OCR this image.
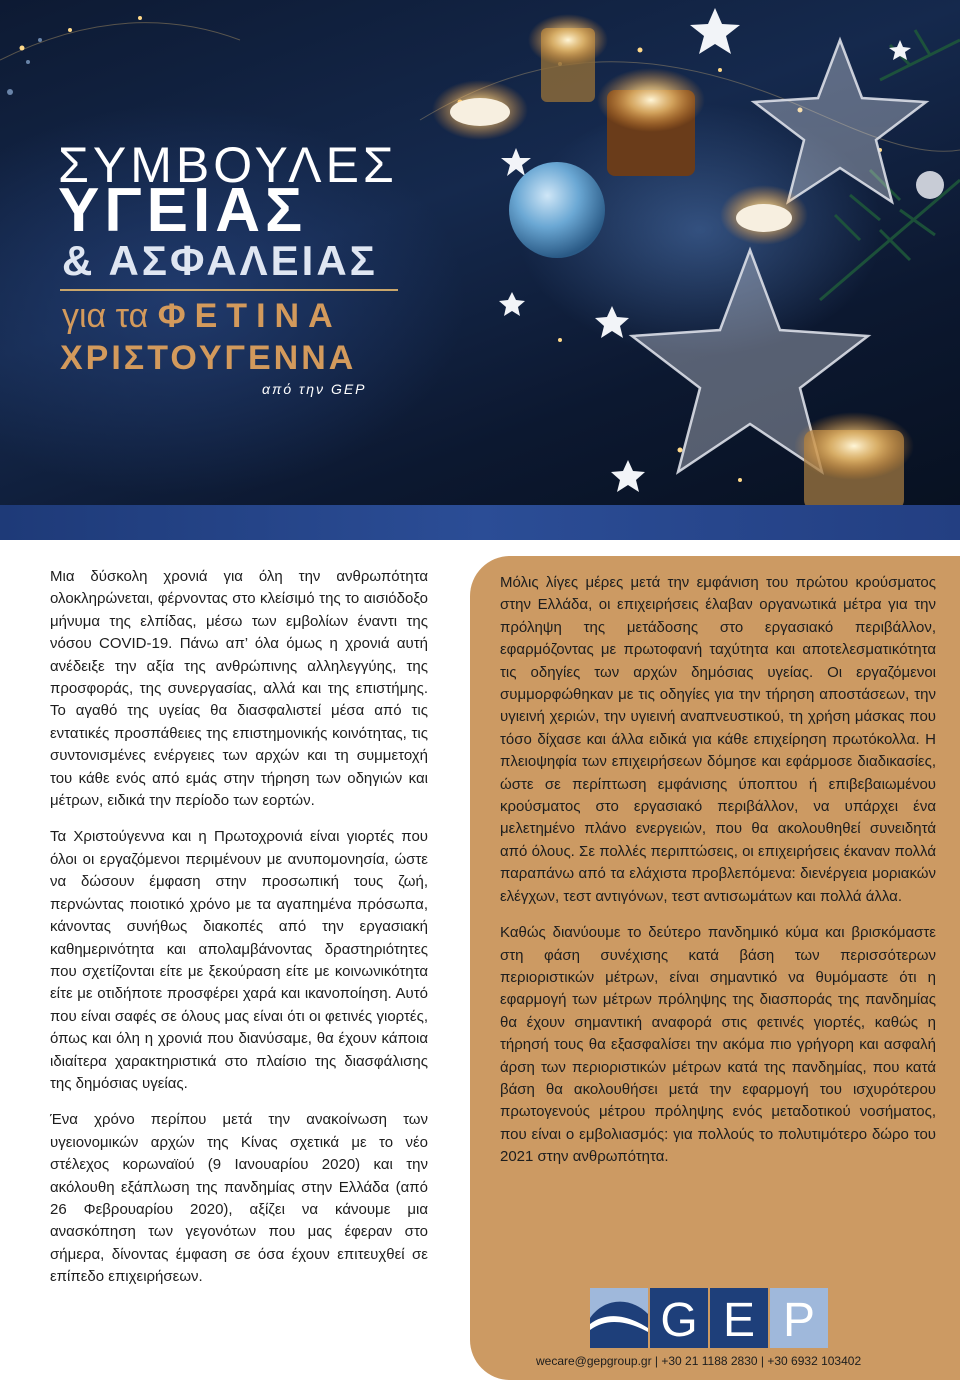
ΣΥΜΒΟΥΛΕΣ
ΥΓΕΙΑΣ
& ΑΣΦΑΛΕΙΑΣ
για τα ΦΕΤΙΝΑ
ΧΡΙΣΤΟΥΓΕΝΝΑ
από την GEP

Μια δύσκολη χρονιά για όλη την ανθρωπότητα ολοκληρώνεται, φέρνοντας στο κλείσιμό της το αισιόδοξο μήνυμα της ελπίδας, μέσω των εμβολίων έναντι της νόσου COVID-19. Πάνω απ’ όλα όμως η χρονιά αυτή ανέδειξε την αξία της ανθρώπινης αλληλεγγύης, της προσφοράς, της συνεργασίας, αλλά και της επιστήμης. Το αγαθό της υγείας θα διασφαλιστεί μέσα από τις εντατικές προσπάθειες της επιστημονικής κοινότητας, τις συντονισμένες ενέργειες των αρχών και τη συμμετοχή του κάθε ενός από εμάς στην τήρηση των οδηγιών και μέτρων, ειδικά την περίοδο των εορτών.

Τα Χριστούγεννα και η Πρωτοχρονιά είναι γιορτές που όλοι οι εργαζόμενοι περιμένουν με ανυπομονησία, ώστε να δώσουν έμφαση στην προσωπική τους ζωή, περνώντας ποιοτικό χρόνο με τα αγαπημένα πρόσωπα, κάνοντας συνήθως διακοπές από την εργασιακή καθημερινότητα και απολαμβάνοντας δραστηριότητες που σχετίζονται είτε με ξεκούραση είτε με κοινωνικότητα είτε με οτιδήποτε προσφέρει χαρά και ικανοποίηση. Αυτό που είναι σαφές σε όλους μας είναι ότι οι φετινές γιορτές, όπως και όλη η χρονιά που διανύσαμε, θα έχουν κάποια ιδιαίτερα χαρακτηριστικά στο πλαίσιο της διασφάλισης της δημόσιας υγείας.

Ένα χρόνο περίπου μετά την ανακοίνωση των υγειονομικών αρχών της Κίνας σχετικά με το νέο στέλεχος κορωναϊού (9 Ιανουαρίου 2020) και την ακόλουθη εξάπλωση της πανδημίας στην Ελλάδα (από 26 Φεβρουαρίου 2020), αξίζει να κάνουμε μια ανασκόπηση των γεγονότων που μας έφεραν στο σήμερα, δίνοντας έμφαση σε όσα έχουν επιτευχθεί σε επίπεδο επιχειρήσεων.

Μόλις λίγες μέρες μετά την εμφάνιση του πρώτου κρούσματος στην Ελλάδα, οι επιχειρήσεις έλαβαν οργανωτικά μέτρα για την πρόληψη της μετάδοσης στο εργασιακό περιβάλλον, εφαρμόζοντας με πρωτοφανή ταχύτητα και αποτελεσματικότητα τις οδηγίες των αρχών δημόσιας υγείας. Οι εργαζόμενοι συμμορφώθηκαν με τις οδηγίες για την τήρηση αποστάσεων, την υγιεινή χεριών, την υγιεινή αναπνευστικού, τη χρήση μάσκας που τόσο δίχασε και άλλα ειδικά για κάθε επιχείρηση πρωτόκολλα. Η πλειοψηφία των επιχειρήσεων δόμησε και εφάρμοσε διαδικασίες, ώστε σε περίπτωση εμφάνισης ύποπτου ή επιβεβαιωμένου κρούσματος στο εργασιακό περιβάλλον, να υπάρχει ένα μελετημένο πλάνο ενεργειών, που θα ακολουθηθεί συνειδητά από όλους. Σε πολλές περιπτώσεις, οι επιχειρήσεις έκαναν πολλά παραπάνω από τα ελάχιστα προβλεπόμενα: διενέργεια μοριακών ελέγχων, τεστ αντιγόνων, τεστ αντισωμάτων και πολλά άλλα.

Καθώς διανύουμε το δεύτερο πανδημικό κύμα και βρισκόμαστε στη φάση συνέχισης κατά βάση των περισσότερων περιοριστικών μέτρων, είναι σημαντικό να θυμόμαστε ότι η εφαρμογή των μέτρων πρόληψης της διασποράς της πανδημίας θα έχουν σημαντική αναφορά στις φετινές γιορτές, καθώς η τήρησή τους θα εξασφαλίσει την ακόμα πιο γρήγορη και ασφαλή άρση των περιοριστικών μέτρων κατά της πανδημίας, που κατά βάση θα ακολουθήσει μετά την εφαρμογή του ισχυρότερου πρωτογενούς μέτρου πρόληψης ενός μεταδοτικού νοσήματος, που είναι ο εμβολιασμός: για πολλούς το πολυτιμότερο δώρο του 2021 στην ανθρωπότητα.

G E P
wecare@gepgroup.gr | +30 21 1188 2830 | +30 6932 103402
